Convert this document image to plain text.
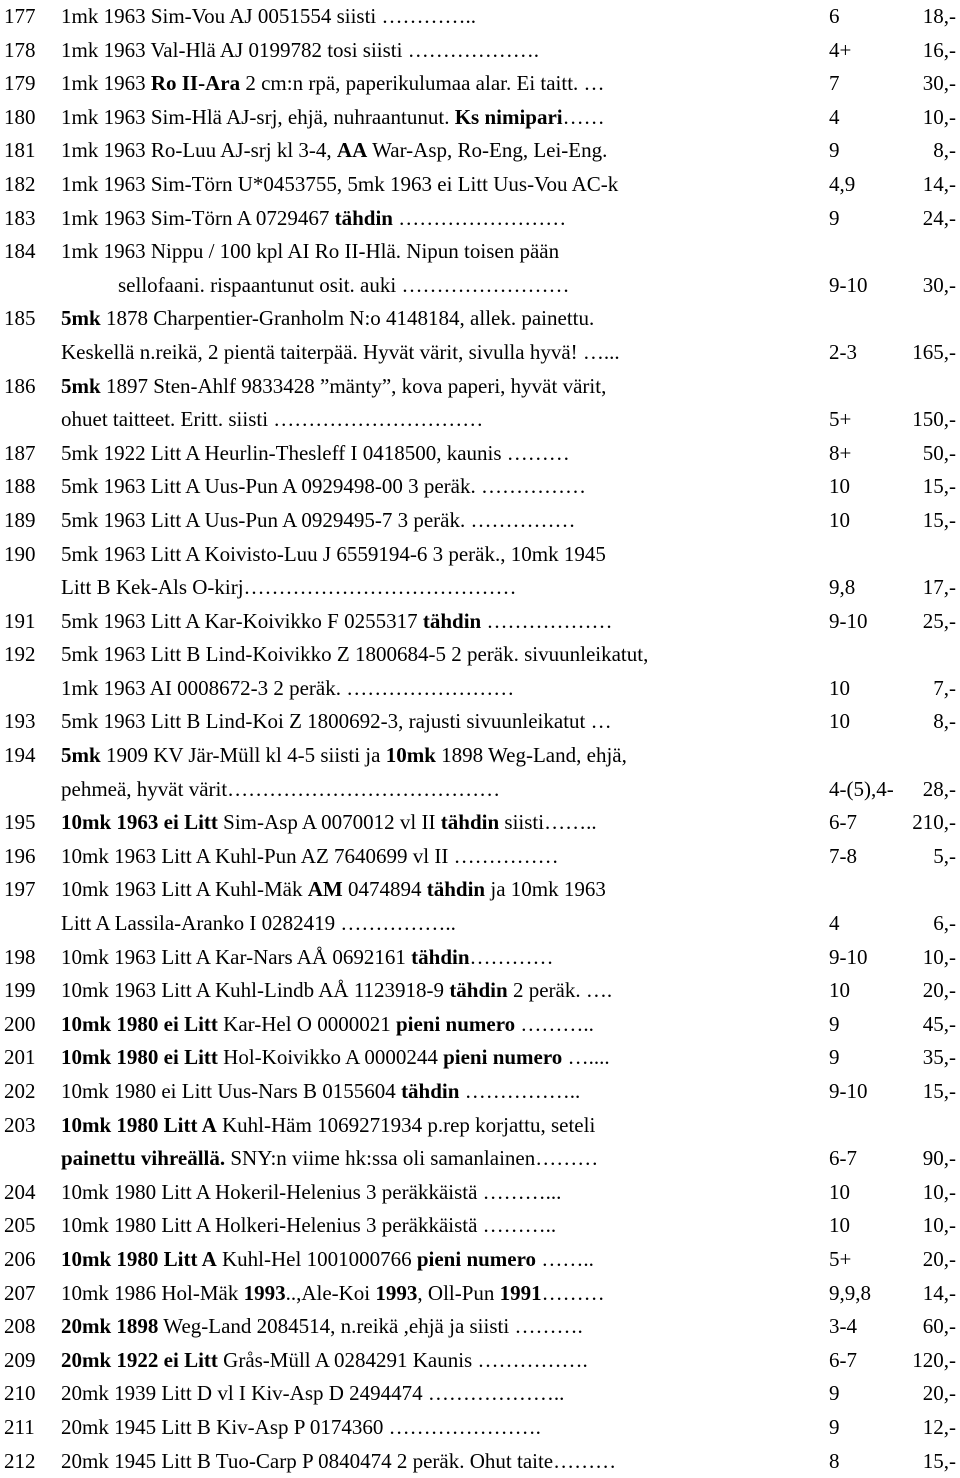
177 1mk 1963 Sim-Vou AJ 0051554 siisti …………..	6	18,-
178 1mk 1963 Val-Hlä AJ 0199782 tosi siisti ……………….	4+	16,-
179 1mk 1963 Ro II-Ara 2 cm:n rpä, paperikulumaa alar. Ei taitt. …	7	30,-
180 1mk 1963 Sim-Hlä AJ-srj, ehjä, nuhraantunut. Ks nimipari……	4	10,-
181 1mk 1963 Ro-Luu AJ-srj kl 3-4, AA War-Asp, Ro-Eng, Lei-Eng.	9	8,-
182 1mk 1963 Sim-Törn U*0453755, 5mk 1963 ei Litt Uus-Vou AC-k	4,9	14,-
183 1mk 1963 Sim-Törn A 0729467 tähdin ……………………	9	24,-
184 1mk 1963 Nippu / 100 kpl AI Ro II-Hlä. Nipun toisen pään
sellofaani. rispaantunut osit. auki ……………………	9-10	30,-
185 5mk 1878 Charpentier-Granholm N:o 4148184, allek. painettu.
Keskellä n.reikä, 2 pientä taiterpää. Hyvät värit, sivulla hyvä! …...	2-3	165,-
186 5mk 1897 Sten-Ahlf 9833428 ”mänty”, kova paperi, hyvät värit,
ohuet taitteet. Eritt. siisti …………………………	5+	150,-
187 5mk 1922 Litt A Heurlin-Thesleff I 0418500, kaunis ………	8+	50,-
188 5mk 1963 Litt A Uus-Pun A 0929498-00 3 peräk. ……………	10	15,-
189 5mk 1963 Litt A Uus-Pun A 0929495-7 3 peräk. ……………	10	15,-
190 5mk 1963 Litt A Koivisto-Luu J 6559194-6 3 peräk., 10mk 1945
Litt B Kek-Als O-kirj…………………………………	9,8	17,-
191 5mk 1963 Litt A Kar-Koivikko F 0255317 tähdin ………………	9-10	25,-
192 5mk 1963 Litt B Lind-Koivikko Z 1800684-5 2 peräk. sivuunleikatut,
1mk 1963 AI 0008672-3 2 peräk. ……………………	10	7,-
193 5mk 1963 Litt B Lind-Koi Z 1800692-3, rajusti sivuunleikatut …	10	8,-
194 5mk 1909 KV Jär-Müll kl 4-5 siisti ja 10mk 1898 Weg-Land, ehjä,
pehmeä, hyvät värit…………………………………	4-(5),4- 28,-
195 10mk 1963 ei Litt Sim-Asp A 0070012 vl II tähdin siisti……..	6-7	210,-
196 10mk 1963 Litt A Kuhl-Pun AZ 7640699 vl II ……………	7-8	5,-
197 10mk 1963 Litt A Kuhl-Mäk AM 0474894 tähdin ja 10mk 1963
Litt A Lassila-Aranko I 0282419 ……………..	4	6,-
198 10mk 1963 Litt A Kar-Nars AÅ 0692161 tähdin…………	9-10	10,-
199 10mk 1963 Litt A Kuhl-Lindb AÅ 1123918-9 tähdin 2 peräk. ….	10	20,-
200 10mk 1980 ei Litt Kar-Hel O 0000021 pieni numero ………..	9	45,-
201 10mk 1980 ei Litt Hol-Koivikko A 0000244 pieni numero …....	9	35,-
202 10mk 1980 ei Litt Uus-Nars B 0155604 tähdin ……………..	9-10	15,-
203 10mk 1980 Litt A Kuhl-Häm 1069271934 p.rep korjattu, seteli
painettu vihreällä. SNY:n viime hk:ssa oli samanlainen………	6-7	90,-
204 10mk 1980 Litt A Hokeril-Helenius 3 peräkkäistä ………...	10	10,-
205 10mk 1980 Litt A Holkeri-Helenius 3 peräkkäistä ………..	10	10,-
206 10mk 1980 Litt A Kuhl-Hel 1001000766 pieni numero ……..	5+	20,-
207 10mk 1986 Hol-Mäk 1993..,Ale-Koi 1993, Oll-Pun 1991………	9,9,8 14,-
208 20mk 1898 Weg-Land 2084514, n.reikä ,ehjä ja siisti ……….	3-4	60,-
209 20mk 1922 ei Litt Grås-Müll A 0284291 Kaunis …………….	6-7	120,-
210 20mk 1939 Litt D vl I Kiv-Asp D 2494474 ………………..	9	20,-
211 20mk 1945 Litt B Kiv-Asp P 0174360 ………………….	9	12,-
212 20mk 1945 Litt B Tuo-Carp P 0840474 2 peräk. Ohut taite………	8	15,-
